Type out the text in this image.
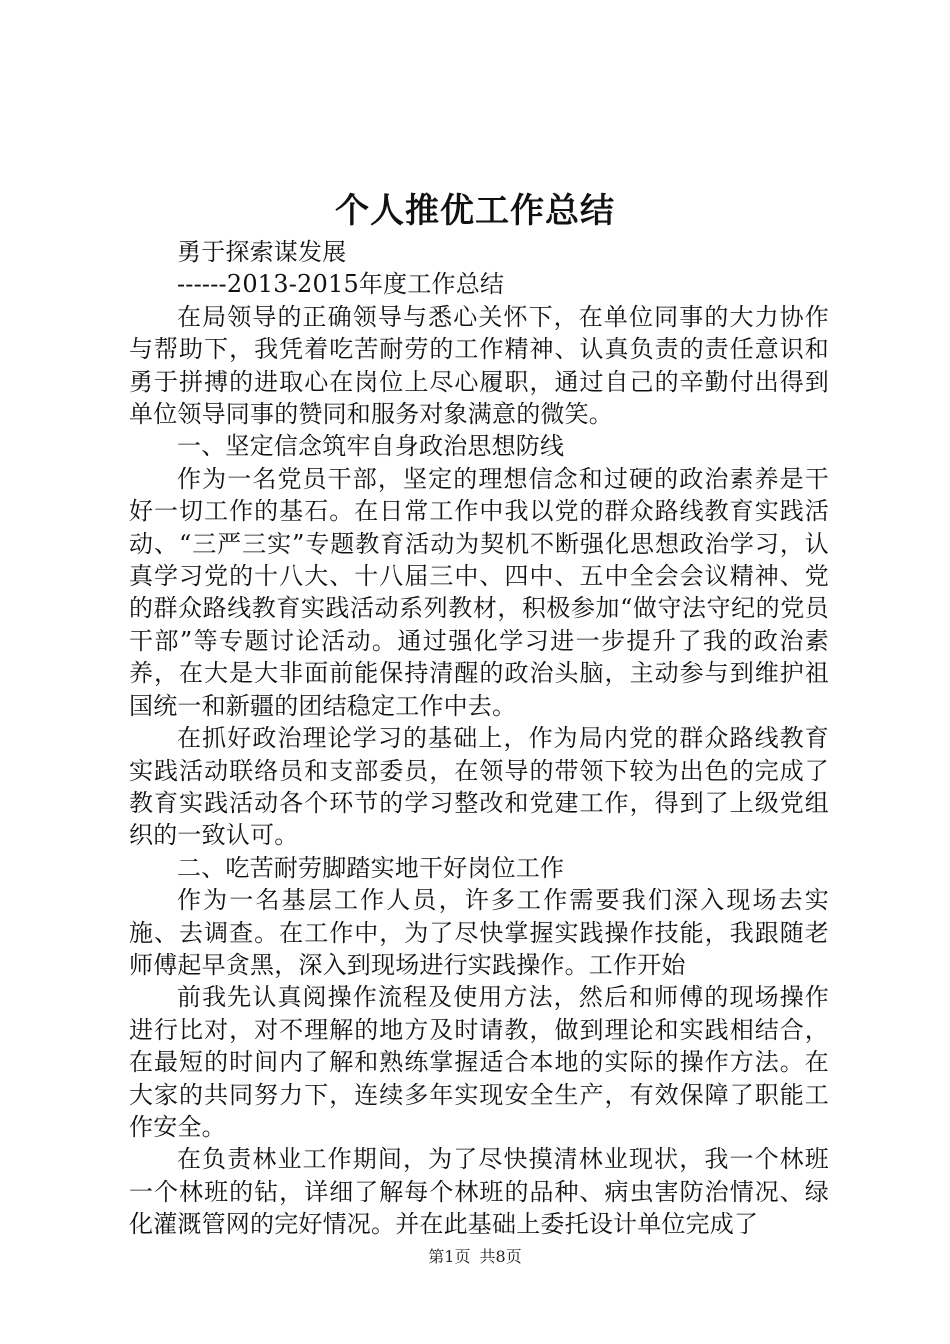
个人推优工作总结

勇于探索谋发展

------2013-2015年度工作总结

在局领导的正确领导与悉心关怀下，在单位同事的大力协作与帮助下，我凭着吃苦耐劳的工作精神、认真负责的责任意识和勇于拼搏的进取心在岗位上尽心履职，通过自己的辛勤付出得到单位领导同事的赞同和服务对象满意的微笑。

一、坚定信念筑牢自身政治思想防线

作为一名党员干部，坚定的理想信念和过硬的政治素养是干好一切工作的基石。在日常工作中我以党的群众路线教育实践活动、“三严三实”专题教育活动为契机不断强化思想政治学习，认真学习党的十八大、十八届三中、四中、五中全会会议精神、党的群众路线教育实践活动系列教材，积极参加“做守法守纪的党员干部”等专题讨论活动。通过强化学习进一步提升了我的政治素养，在大是大非面前能保持清醒的政治头脑，主动参与到维护祖国统一和新疆的团结稳定工作中去。

在抓好政治理论学习的基础上，作为局内党的群众路线教育实践活动联络员和支部委员，在领导的带领下较为出色的完成了教育实践活动各个环节的学习整改和党建工作，得到了上级党组织的一致认可。

二、吃苦耐劳脚踏实地干好岗位工作

作为一名基层工作人员，许多工作需要我们深入现场去实施、去调查。在工作中，为了尽快掌握实践操作技能，我跟随老师傅起早贪黑，深入到现场进行实践操作。工作开始

前我先认真阅操作流程及使用方法，然后和师傅的现场操作进行比对，对不理解的地方及时请教，做到理论和实践相结合，在最短的时间内了解和熟练掌握适合本地的实际的操作方法。在大家的共同努力下，连续多年实现安全生产，有效保障了职能工作安全。

在负责林业工作期间，为了尽快摸清林业现状，我一个林班一个林班的钻，详细了解每个林班的品种、病虫害防治情况、绿化灌溉管网的完好情况。并在此基础上委托设计单位完成了

第1页 共8页
